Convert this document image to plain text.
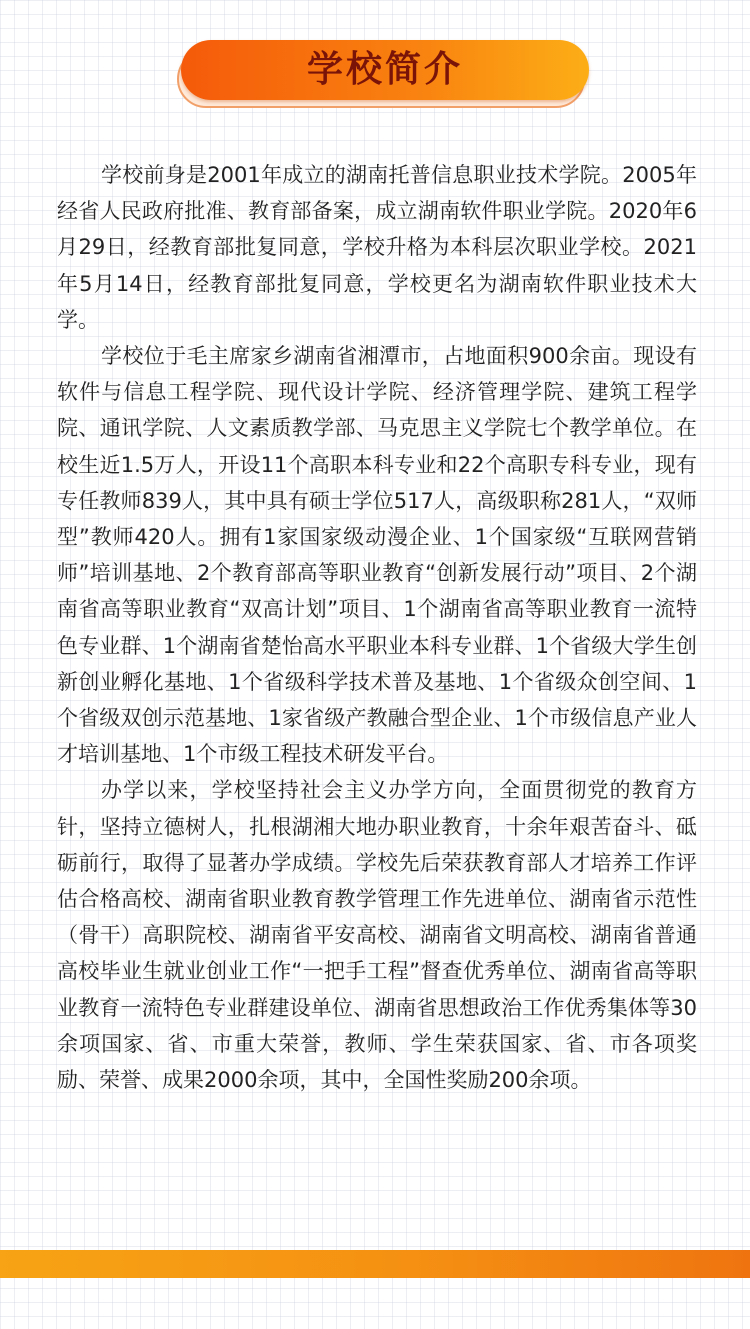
学校简介

学校前身是2001年成立的湖南托普信息职业技术学院。2005年经省人民政府批准、教育部备案，成立湖南软件职业学院。2020年6月29日，经教育部批复同意，学校升格为本科层次职业学校。2021年5月14日，经教育部批复同意，学校更名为湖南软件职业技术大学。

学校位于毛主席家乡湖南省湘潭市，占地面积900余亩。现设有软件与信息工程学院、现代设计学院、经济管理学院、建筑工程学院、通讯学院、人文素质教学部、马克思主义学院七个教学单位。在校生近1.5万人，开设11个高职本科专业和22个高职专科专业，现有专任教师839人，其中具有硕士学位517人，高级职称281人，“双师型”教师420人。拥有1家国家级动漫企业、1个国家级“互联网营销师”培训基地、2个教育部高等职业教育“创新发展行动”项目、2个湖南省高等职业教育“双高计划”项目、1个湖南省高等职业教育一流特色专业群、1个湖南省楚怡高水平职业本科专业群、1个省级大学生创新创业孵化基地、1个省级科学技术普及基地、1个省级众创空间、1个省级双创示范基地、1家省级产教融合型企业、1个市级信息产业人才培训基地、1个市级工程技术研发平台。

办学以来，学校坚持社会主义办学方向，全面贯彻党的教育方针，坚持立德树人，扎根湖湘大地办职业教育，十余年艰苦奋斗、砥砺前行，取得了显著办学成绩。学校先后荣获教育部人才培养工作评估合格高校、湖南省职业教育教学管理工作先进单位、湖南省示范性（骨干）高职院校、湖南省平安高校、湖南省文明高校、湖南省普通高校毕业生就业创业工作“一把手工程”督查优秀单位、湖南省高等职业教育一流特色专业群建设单位、湖南省思想政治工作优秀集体等30余项国家、省、市重大荣誉，教师、学生荣获国家、省、市各项奖励、荣誉、成果2000余项，其中，全国性奖励200余项。
